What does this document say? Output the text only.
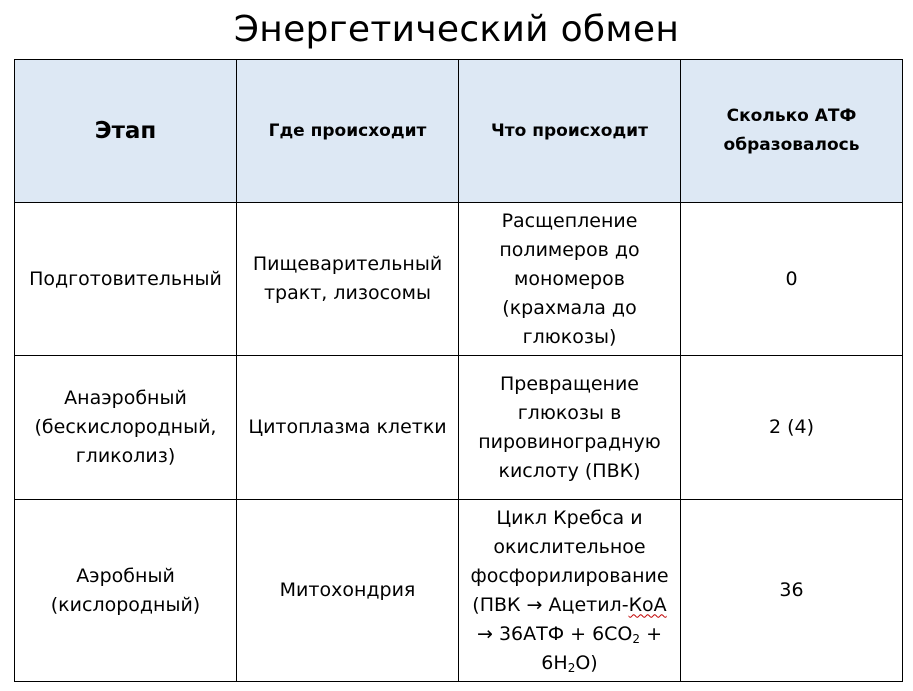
Энергетический обмен
Этап	Где происходит	Что происходит	Сколько АТФ образовалось
Подготовительный	Пищеварительный тракт, лизосомы	Расщепление полимеров до мономеров (крахмала до глюкозы)	0
Анаэробный (бескислородный, гликолиз)	Цитоплазма клетки	Превращение глюкозы в пировиноградную кислоту (ПВК)	2 (4)
Аэробный (кислородный)	Митохондрия	Цикл Кребса и окислительное фосфорилирование (ПВК → Ацетил-КоА → $36АТФ + 6СО_2 + 6Н_2О$)	36
